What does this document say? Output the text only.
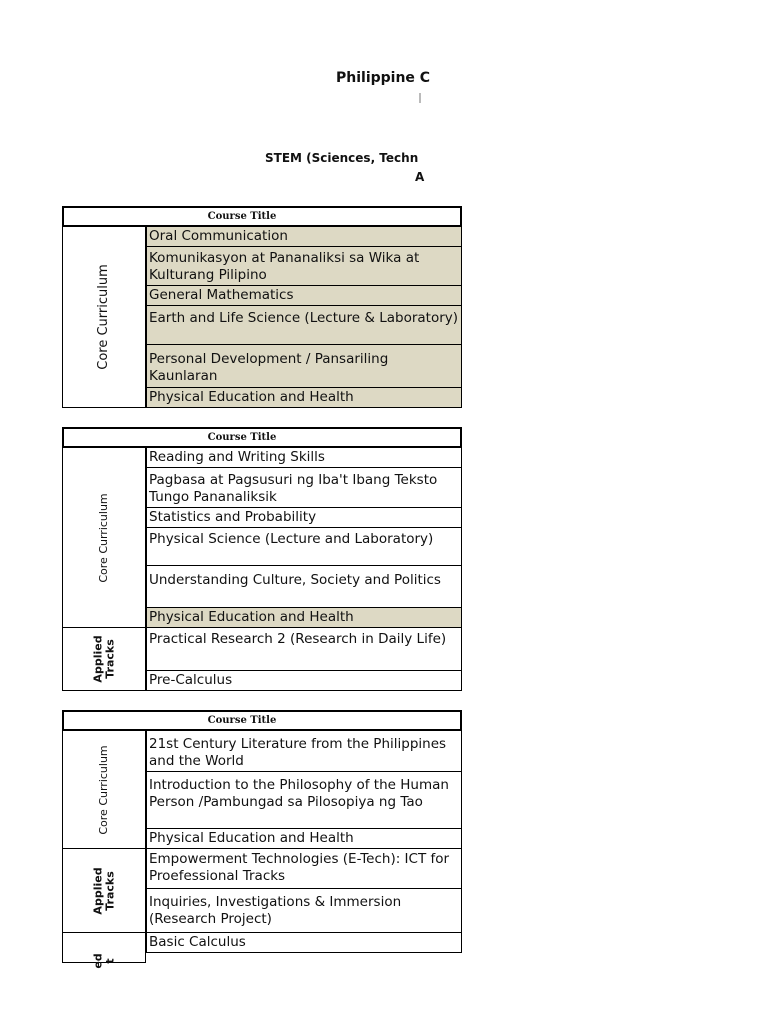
Philippine C
STEM (Sciences, Techn
A
Course Title
Core Curriculum
Oral Communication
Komunikasyon at Pananaliksi sa Wika at Kulturang Pilipino
General Mathematics
Earth and Life Science (Lecture & Laboratory)
Personal Development / Pansariling Kaunlaran
Physical Education and Health
Course Title
Core Curriculum
Applied
Tracks
Reading and Writing Skills
Pagbasa at Pagsusuri ng Iba't Ibang Teksto Tungo Pananaliksik
Statistics and Probability
Physical Science (Lecture and Laboratory)
Understanding Culture, Society and Politics
Physical Education and Health
Practical Research 2 (Research in Daily Life)
Pre-Calculus
Course Title
Core Curriculum
Applied
Tracks
ed
t
21st Century Literature from the Philippines and the World
Introduction to the Philosophy of the Human Person /Pambungad sa Pilosopiya ng Tao
Physical Education and Health
Empowerment Technologies (E-Tech): ICT for Proefessional Tracks
Inquiries, Investigations & Immersion (Research Project)
Basic Calculus
